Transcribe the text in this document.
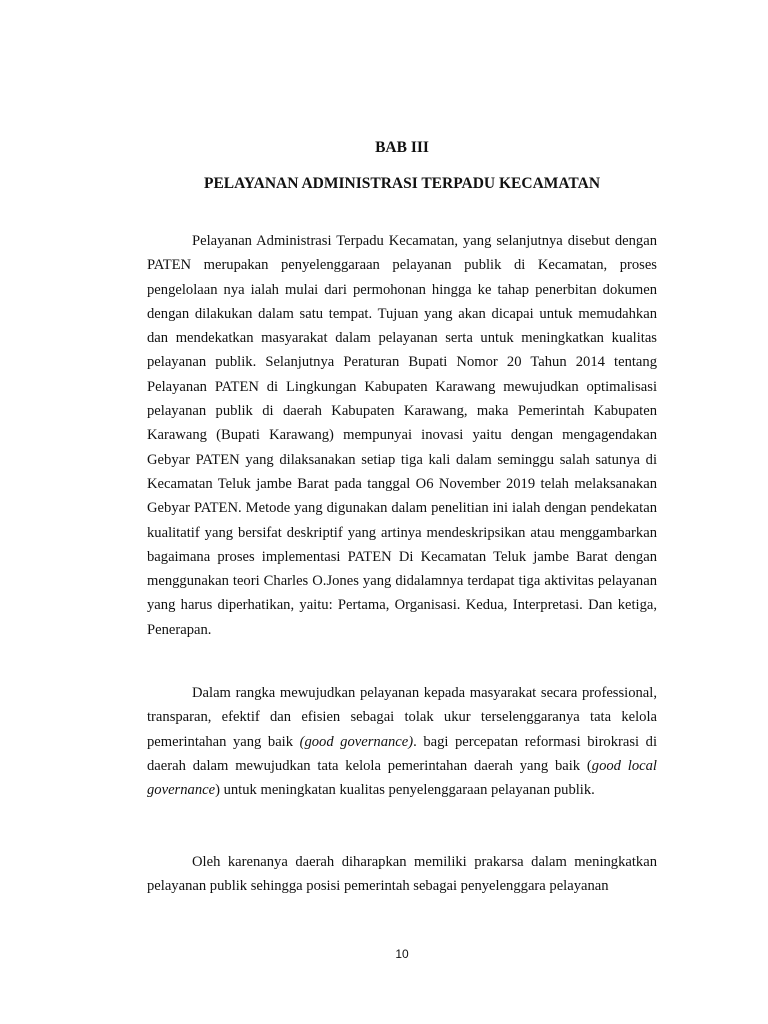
BAB III
PELAYANAN ADMINISTRASI TERPADU KECAMATAN

Pelayanan Administrasi Terpadu Kecamatan, yang selanjutnya disebut dengan PATEN merupakan penyelenggaraan pelayanan publik di Kecamatan, proses pengelolaan nya ialah mulai dari permohonan hingga ke tahap penerbitan dokumen dengan dilakukan dalam satu tempat. Tujuan yang akan dicapai untuk memudahkan dan mendekatkan masyarakat dalam pelayanan serta untuk meningkatkan kualitas pelayanan publik. Selanjutnya Peraturan Bupati Nomor 20 Tahun 2014 tentang Pelayanan PATEN di Lingkungan Kabupaten Karawang mewujudkan optimalisasi pelayanan publik di daerah Kabupaten Karawang, maka Pemerintah Kabupaten Karawang (Bupati Karawang) mempunyai inovasi yaitu dengan mengagendakan Gebyar PATEN yang dilaksanakan setiap tiga kali dalam seminggu salah satunya di Kecamatan Teluk jambe Barat pada tanggal O6 November 2019 telah melaksanakan Gebyar PATEN. Metode yang digunakan dalam penelitian ini ialah dengan pendekatan kualitatif yang bersifat deskriptif yang artinya mendeskripsikan atau menggambarkan bagaimana proses implementasi PATEN Di Kecamatan Teluk jambe Barat dengan menggunakan teori Charles O.Jones yang didalamnya terdapat tiga aktivitas pelayanan yang harus diperhatikan, yaitu: Pertama, Organisasi. Kedua, Interpretasi. Dan ketiga, Penerapan.

Dalam rangka mewujudkan pelayanan kepada masyarakat secara professional, transparan, efektif dan efisien sebagai tolak ukur terselenggaranya tata kelola pemerintahan yang baik (good governance). bagi percepatan reformasi birokrasi di daerah dalam mewujudkan tata kelola pemerintahan daerah yang baik (good local governance) untuk meningkatan kualitas penyelenggaraan pelayanan publik.

Oleh karenanya daerah diharapkan memiliki prakarsa dalam meningkatkan pelayanan publik sehingga posisi pemerintah sebagai penyelenggara pelayanan

10
